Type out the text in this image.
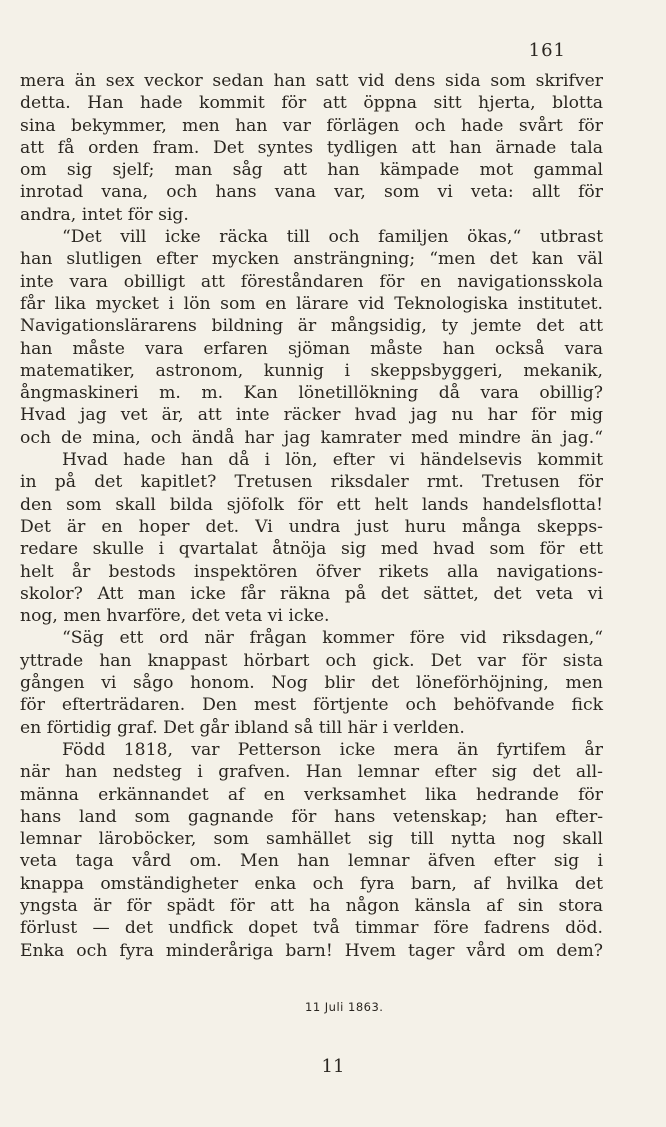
161
mera än sex veckor sedan han satt vid dens sida som skrifver
detta. Han hade kommit för att öppna sitt hjerta, blotta
sina bekymmer, men han var förlägen och hade svårt för
att få orden fram. Det syntes tydligen att han ärnade tala
om sig sjelf; man såg att han kämpade mot gammal
inrotad vana, och hans vana var, som vi veta: allt för
andra, intet för sig.
“Det vill icke räcka till och familjen ökas,“ utbrast
han slutligen efter mycken ansträngning; “men det kan väl
inte vara obilligt att föreståndaren för en navigationsskola
får lika mycket i lön som en lärare vid Teknologiska institutet.
Navigationslärarens bildning är mångsidig, ty jemte det att
han måste vara erfaren sjöman måste han också vara
matematiker, astronom, kunnig i skeppsbyggeri, mekanik,
ångmaskineri m. m. Kan lönetillökning då vara obillig?
Hvad jag vet är, att inte räcker hvad jag nu har för mig
och de mina, och ändå har jag kamrater med mindre än jag.“
Hvad hade han då i lön, efter vi händelsevis kommit
in på det kapitlet? Tretusen riksdaler rmt. Tretusen för
den som skall bilda sjöfolk för ett helt lands handelsflotta!
Det är en hoper det. Vi undra just huru många skepps-
redare skulle i qvartalat åtnöja sig med hvad som för ett
helt år bestods inspektören öfver rikets alla navigations-
skolor? Att man icke får räkna på det sättet, det veta vi
nog, men hvarföre, det veta vi icke.
“Säg ett ord när frågan kommer före vid riksdagen,“
yttrade han knappast hörbart och gick. Det var för sista
gången vi sågo honom. Nog blir det löneförhöjning, men
för efterträdaren. Den mest förtjente och behöfvande fick
en förtidig graf. Det går ibland så till här i verlden.
Född 1818, var Petterson icke mera än fyrtifem år
när han nedsteg i grafven. Han lemnar efter sig det all-
männa erkännandet af en verksamhet lika hedrande för
hans land som gagnande för hans vetenskap; han efter-
lemnar läroböcker, som samhället sig till nytta nog skall
veta taga vård om. Men han lemnar äfven efter sig i
knappa omständigheter enka och fyra barn, af hvilka det
yngsta är för spädt för att ha någon känsla af sin stora
förlust — det undfick dopet två timmar före fadrens död.
Enka och fyra minderåriga barn! Hvem tager vård om dem?
11 Juli 1863.
11
